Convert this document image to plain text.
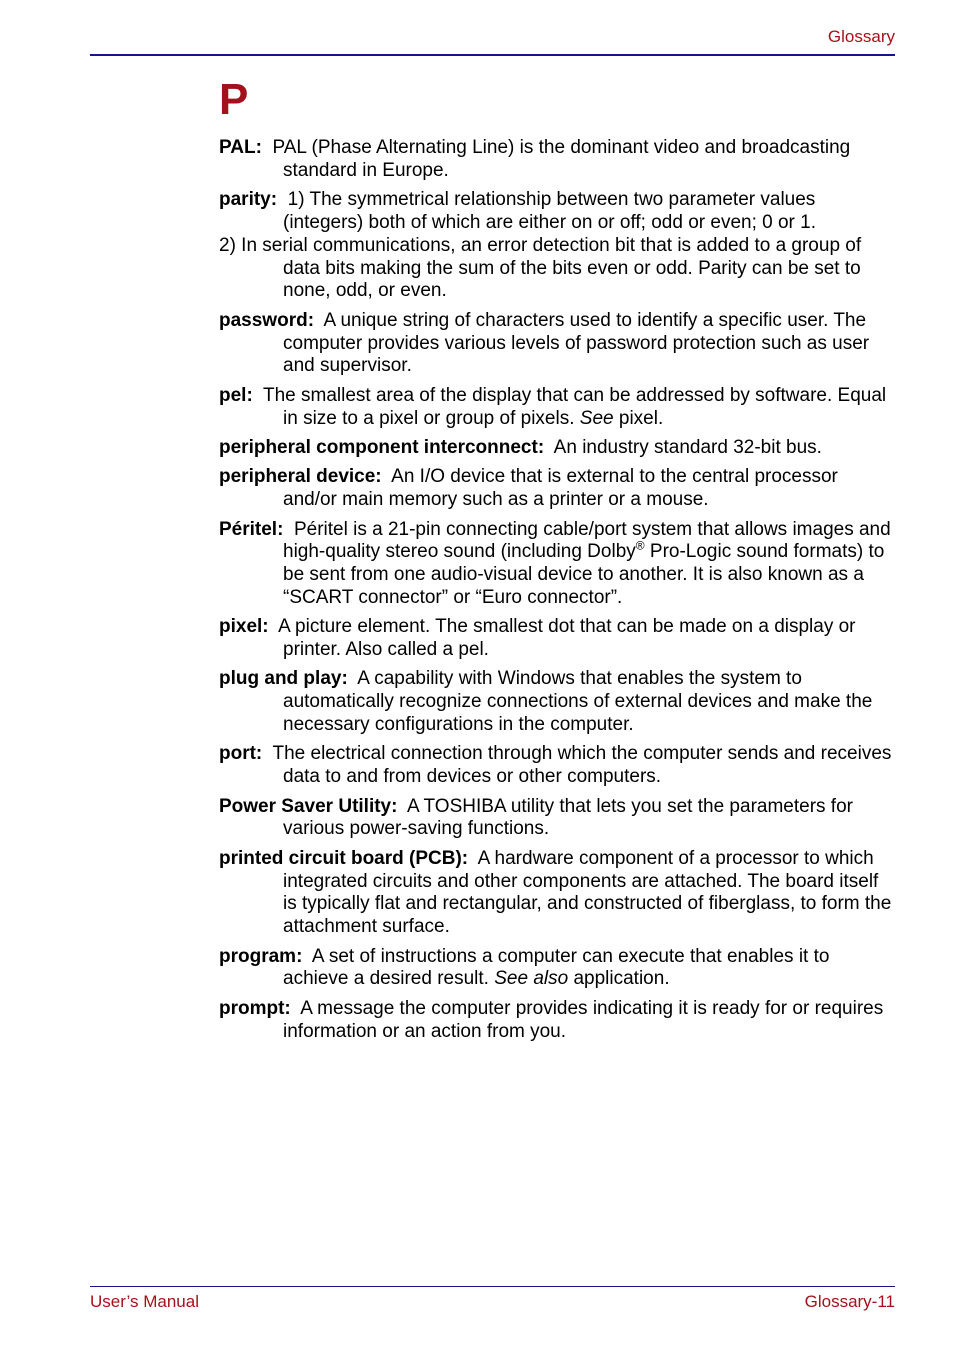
Glossary
P
PAL: PAL (Phase Alternating Line) is the dominant video and broadcasting standard in Europe.
parity: 1) The symmetrical relationship between two parameter values (integers) both of which are either on or off; odd or even; 0 or 1.
2) In serial communications, an error detection bit that is added to a group of data bits making the sum of the bits even or odd. Parity can be set to none, odd, or even.
password: A unique string of characters used to identify a specific user. The computer provides various levels of password protection such as user and supervisor.
pel: The smallest area of the display that can be addressed by software. Equal in size to a pixel or group of pixels. See pixel.
peripheral component interconnect: An industry standard 32-bit bus.
peripheral device: An I/O device that is external to the central processor and/or main memory such as a printer or a mouse.
Péritel: Péritel is a 21-pin connecting cable/port system that allows images and high-quality stereo sound (including Dolby® Pro-Logic sound formats) to be sent from one audio-visual device to another. It is also known as a “SCART connector” or “Euro connector”.
pixel: A picture element. The smallest dot that can be made on a display or printer. Also called a pel.
plug and play: A capability with Windows that enables the system to automatically recognize connections of external devices and make the necessary configurations in the computer.
port: The electrical connection through which the computer sends and receives data to and from devices or other computers.
Power Saver Utility: A TOSHIBA utility that lets you set the parameters for various power-saving functions.
printed circuit board (PCB): A hardware component of a processor to which integrated circuits and other components are attached. The board itself is typically flat and rectangular, and constructed of fiberglass, to form the attachment surface.
program: A set of instructions a computer can execute that enables it to achieve a desired result. See also application.
prompt: A message the computer provides indicating it is ready for or requires information or an action from you.
User’s Manual	Glossary-11
